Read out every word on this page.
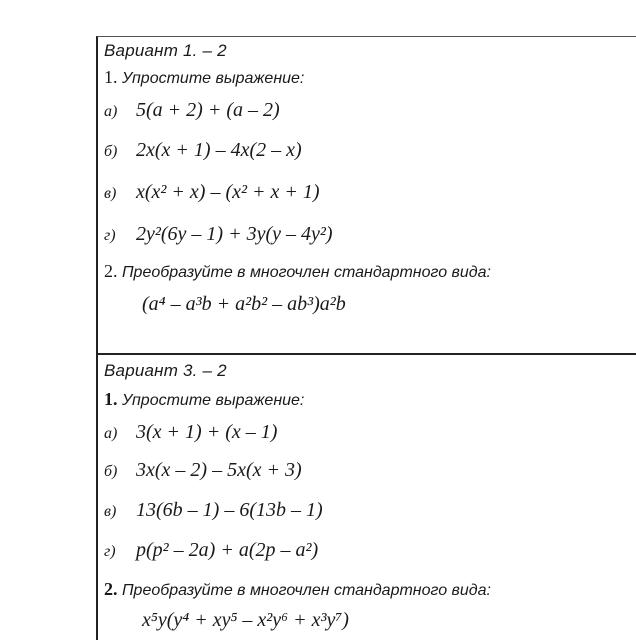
Вариант 1. – 2
1. Упростите выражение:
а) 5(a + 2) + (a – 2)
б) 2x(x + 1) – 4x(2 – x)
в) x(x² + x) – (x² + x + 1)
г) 2y²(6y – 1) + 3y(y – 4y²)
2. Преобразуйте в многочлен стандартного вида:
(a⁴ – a³b + a²b² – ab³)a²b
Вариант 3. – 2
1. Упростите выражение:
а) 3(x + 1) + (x – 1)
б) 3x(x – 2) – 5x(x + 3)
в) 13(6b – 1) – 6(13b – 1)
г) p(p² – 2a) + a(2p – a²)
2. Преобразуйте в многочлен стандартного вида:
x⁵y(y⁴ + xy⁵ – x²y⁶ + x³y⁷)
